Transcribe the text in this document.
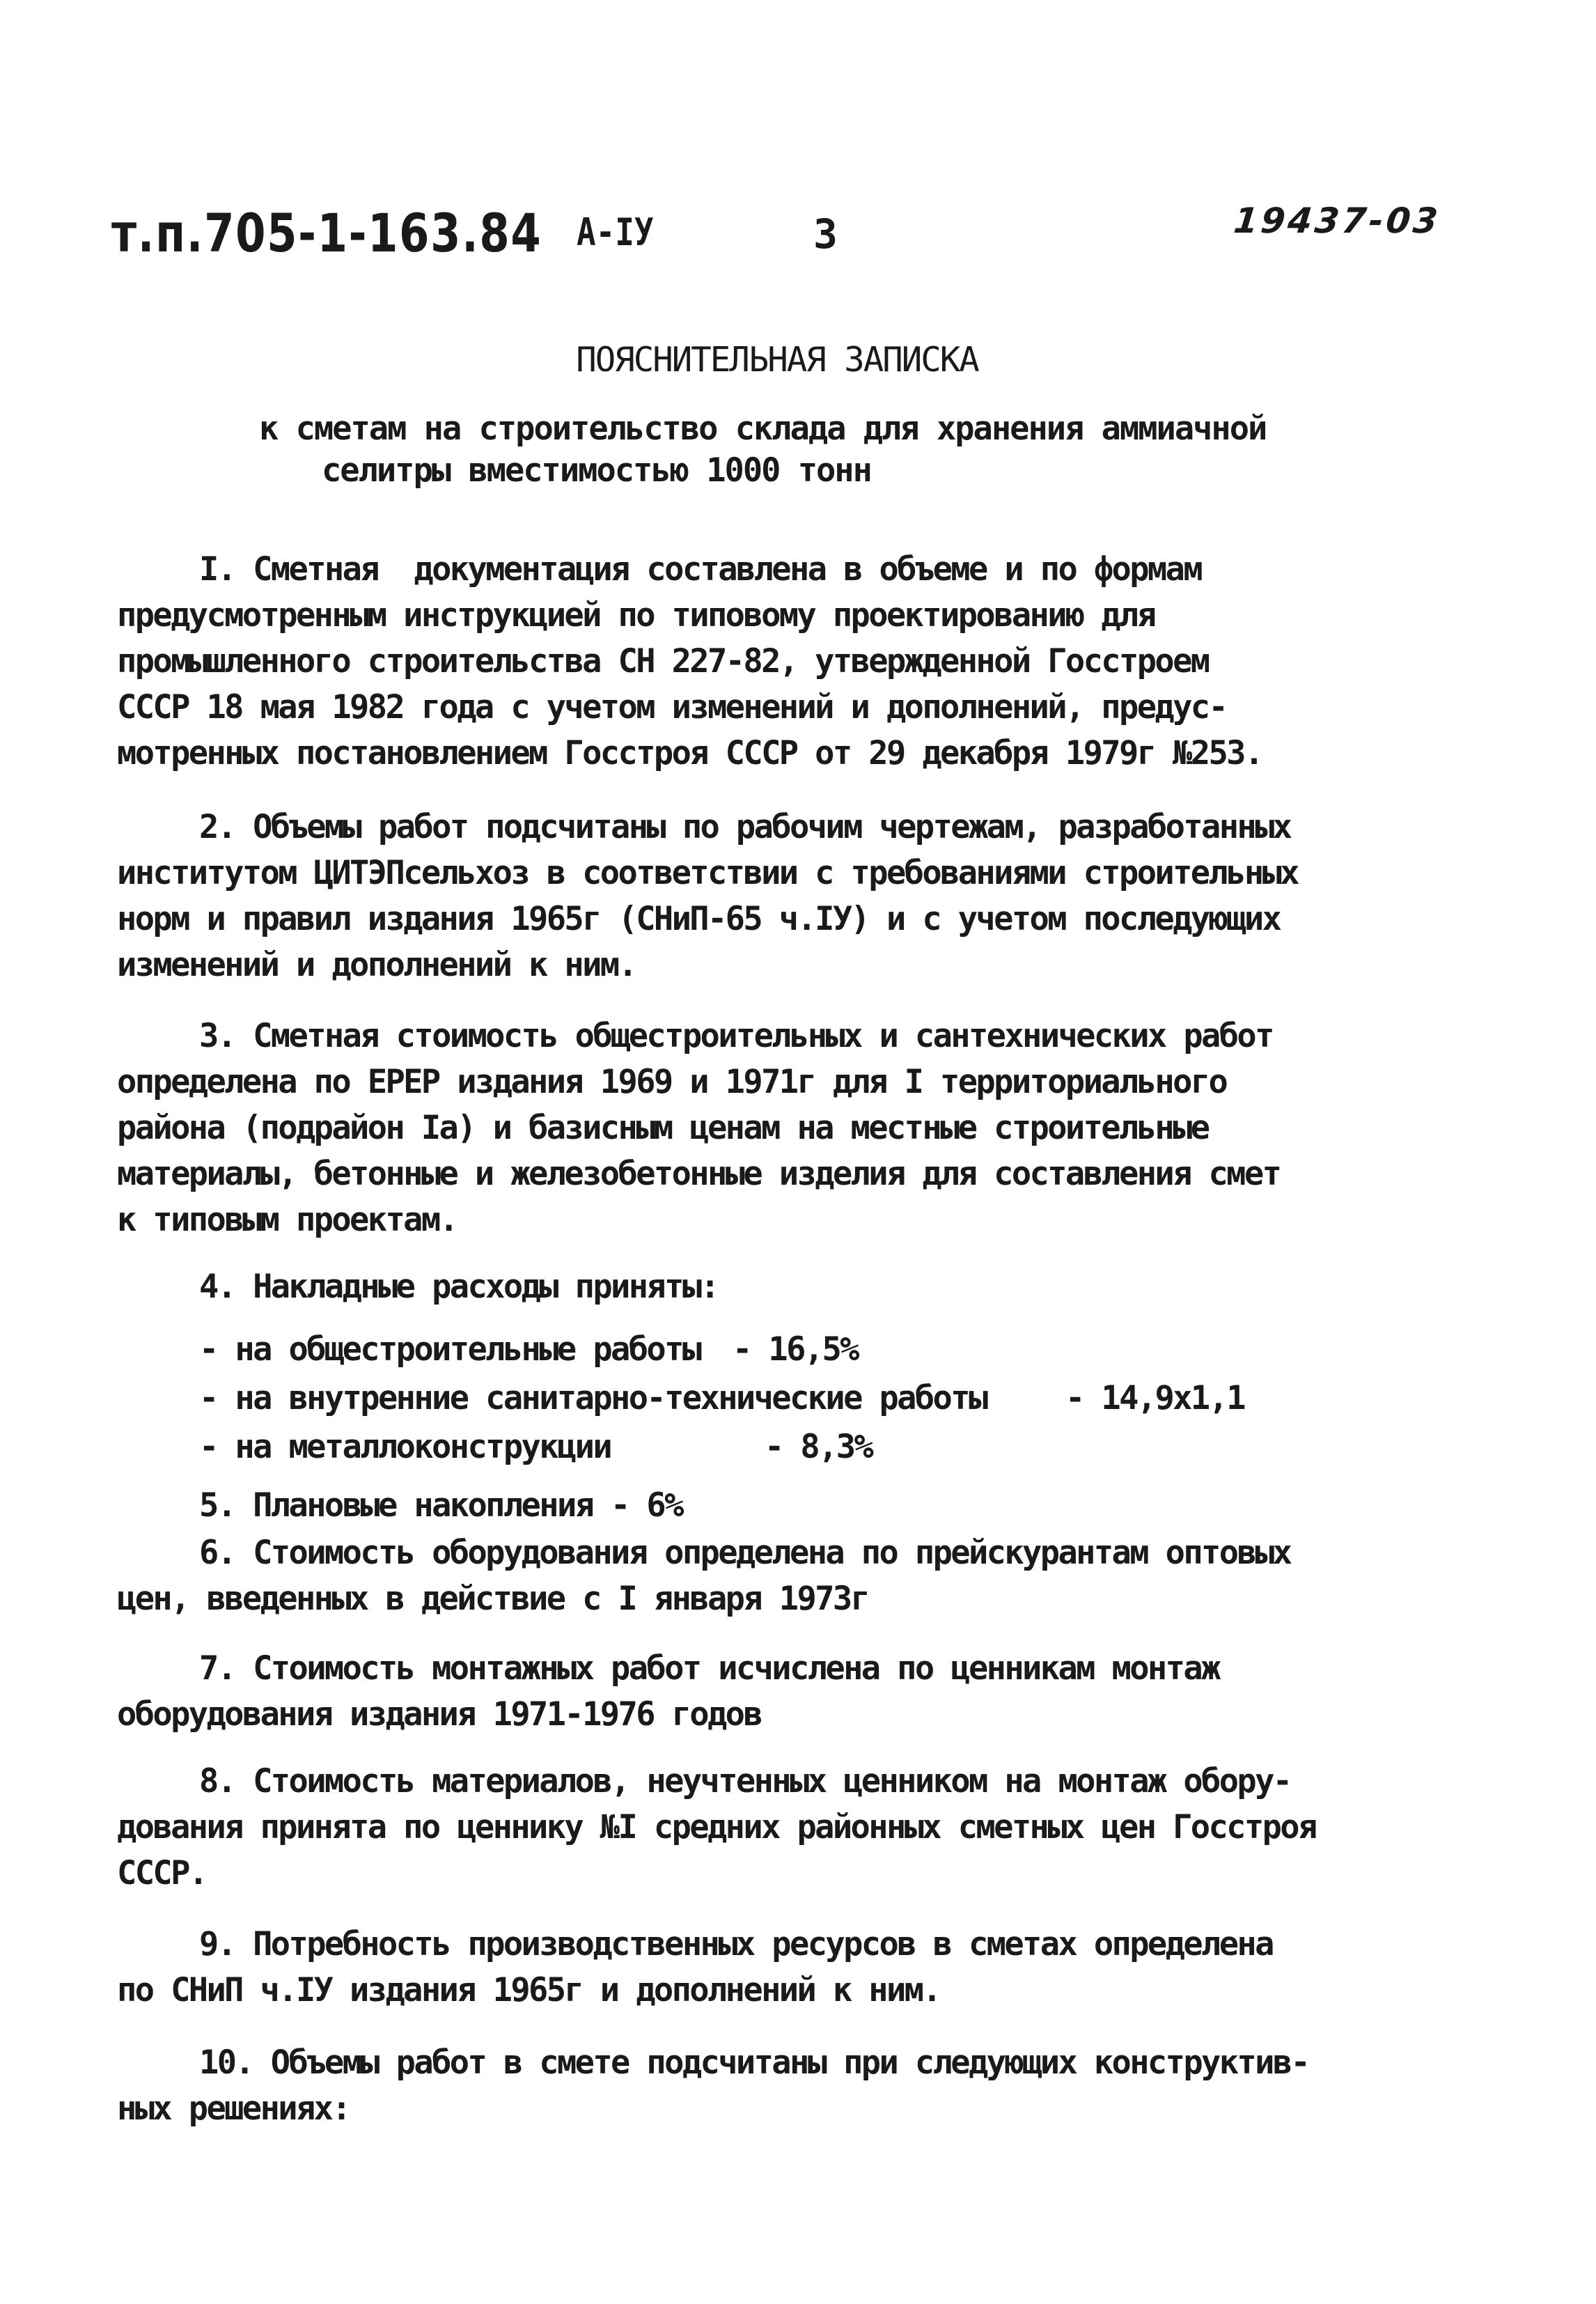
т.п.705-1-163.84 А-IУ	3	19437-03
ПОЯСНИТЕЛЬНАЯ ЗАПИСКА
к сметам на строительство склада для хранения аммиачной
селитры вместимостью 1000 тонн
I. Сметная  документация составлена в объеме и по формам
предусмотренным инструкцией по типовому проектированию для
промышленного строительства СН 227-82, утвержденной Госстроем
СССР 18 мая 1982 года с учетом изменений и дополнений, предус-
мотренных постановлением Госстроя СССР от 29 декабря 1979г №253.
2. Объемы работ подсчитаны по рабочим чертежам, разработанных
институтом ЦИТЭПсельхоз в соответствии с требованиями строительных
норм и правил издания 1965г (СНиП-65 ч.IУ) и с учетом последующих
изменений и дополнений к ним.
3. Сметная стоимость общестроительных и сантехнических работ
определена по ЕРЕР издания 1969 и 1971г для I территориального
района (подрайон Iа) и базисным ценам на местные строительные
материалы, бетонные и железобетонные изделия для составления смет
к типовым проектам.
4. Накладные расходы приняты:
- на общестроительные работы - 16,5%
- на внутренние санитарно-технические работы - 14,9х1,1
- на металлоконструкции	- 8,3%
5. Плановые накопления - 6%
6. Стоимость оборудования определена по прейскурантам оптовых
цен, введенных в действие с I января 1973г
7. Стоимость монтажных работ исчислена по ценникам монтаж
оборудования издания 1971-1976 годов
8. Стоимость материалов, неучтенных ценником на монтаж обору-
дования принята по ценнику №I средних районных сметных цен Госстроя
СССР.
9. Потребность производственных ресурсов в сметах определена
по СНиП ч.IУ издания 1965г и дополнений к ним.
10. Объемы работ в смете подсчитаны при следующих конструктив-
ных решениях:
